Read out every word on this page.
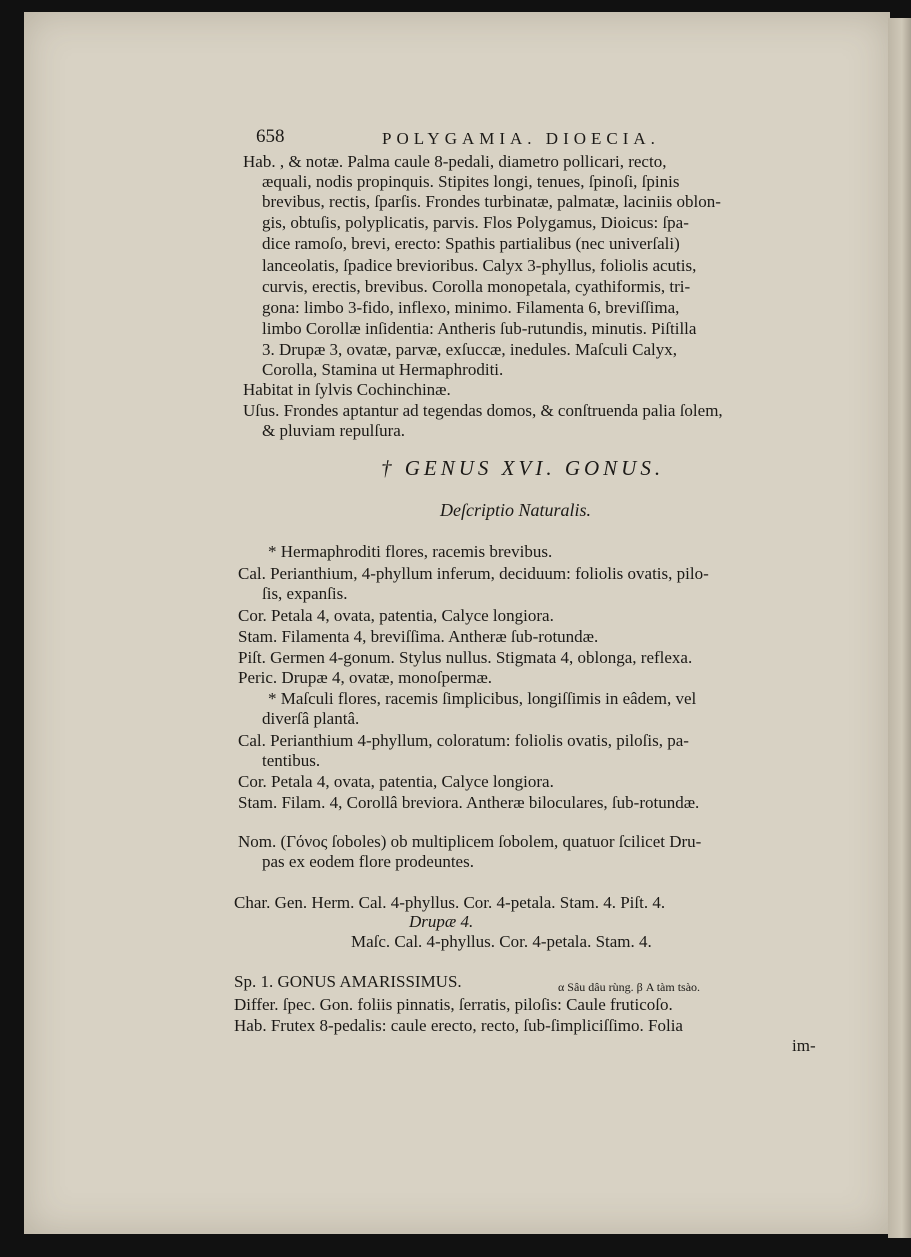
658	POLYGAMIA. DIOECIA.
Hab. , & notæ. Palma caule 8-pedali, diametro pollicari, recto,
æquali, nodis propinquis. Stipites longi, tenues, ſpinoſi, ſpinis
brevibus, rectis, ſparſis. Frondes turbinatæ, palmatæ, laciniis oblon-
gis, obtuſis, polyplicatis, parvis. Flos Polygamus, Dioicus: ſpa-
dice ramoſo, brevi, erecto: Spathis partialibus (nec univerſali)
lanceolatis, ſpadice brevioribus. Calyx 3-phyllus, foliolis acutis,
curvis, erectis, brevibus. Corolla monopetala, cyathiformis, tri-
gona: limbo 3-fido, inflexo, minimo. Filamenta 6, breviſſima,
limbo Corollæ inſidentia: Antheris ſub-rutundis, minutis. Piſtilla
3. Drupæ 3, ovatæ, parvæ, exſuccæ, inedules. Maſculi Calyx,
Corolla, Stamina ut Hermaphroditi.
Habitat in ſylvis Cochinchinæ.
Uſus. Frondes aptantur ad tegendas domos, & conſtruenda palia ſolem,
& pluviam repulſura.
† GENUS XVI. GONUS.
Deſcriptio Naturalis.
* Hermaphroditi flores, racemis brevibus.
Cal. Perianthium, 4-phyllum inferum, deciduum: foliolis ovatis, pilo-
ſis, expanſis.
Cor. Petala 4, ovata, patentia, Calyce longiora.
Stam. Filamenta 4, breviſſima. Antheræ ſub-rotundæ.
Piſt. Germen 4-gonum. Stylus nullus. Stigmata 4, oblonga, reflexa.
Peric. Drupæ 4, ovatæ, monoſpermæ.
* Maſculi flores, racemis ſimplicibus, longiſſimis in eâdem, vel
diverſâ plantâ.
Cal. Perianthium 4-phyllum, coloratum: foliolis ovatis, piloſis, pa-
tentibus.
Cor. Petala 4, ovata, patentia, Calyce longiora.
Stam. Filam. 4, Corollâ breviora. Antheræ biloculares, ſub-rotundæ.
Nom. (Γόνος ſoboles) ob multiplicem ſobolem, quatuor ſcilicet Dru-
pas ex eodem flore prodeuntes.
Char. Gen. Herm. Cal. 4-phyllus. Cor. 4-petala. Stam. 4. Piſt. 4.
Drupæ 4.
Maſc. Cal. 4-phyllus. Cor. 4-petala. Stam. 4.
Sp. 1. GONUS AMARISSIMUS.	α Sâu dâu rùng. β A tàm tsào.
Differ. ſpec. Gon. foliis pinnatis, ſerratis, piloſis: Caule fruticoſo.
Hab. Frutex 8-pedalis: caule erecto, recto, ſub-ſimpliciſſimo. Folia
im-
